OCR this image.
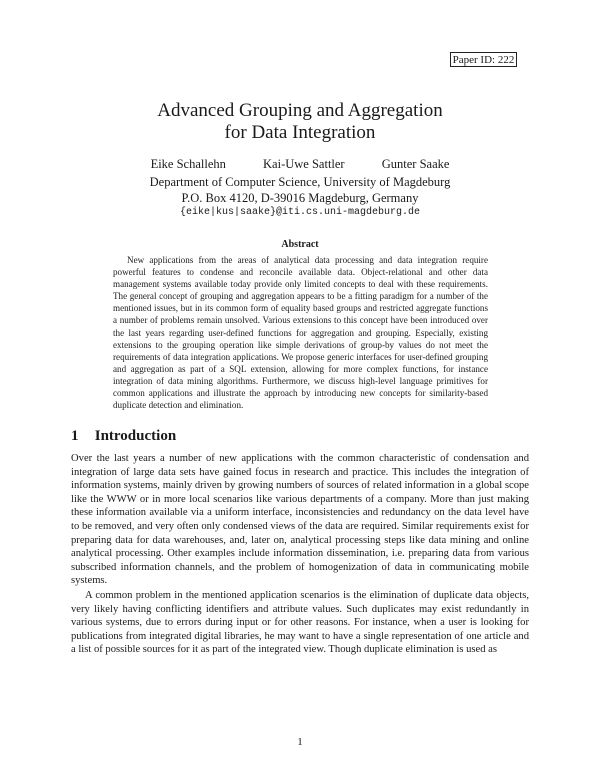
Paper ID: 222
Advanced Grouping and Aggregation
for Data Integration
Eike Schallehn	Kai-Uwe Sattler	Gunter Saake
Department of Computer Science, University of Magdeburg
P.O. Box 4120, D-39016 Magdeburg, Germany
{eike|kus|saake}@iti.cs.uni-magdeburg.de
Abstract

New applications from the areas of analytical data processing and data integration require powerful features to condense and reconcile available data. Object-relational and other data management systems available today provide only limited concepts to deal with these requirements. The general concept of grouping and aggregation appears to be a fitting paradigm for a number of the mentioned issues, but in its common form of equality based groups and restricted aggregate functions a number of problems remain unsolved. Various extensions to this concept have been introduced over the last years regarding user-defined functions for aggregation and grouping. Especially, existing extensions to the grouping operation like simple derivations of group-by values do not meet the requirements of data integration applications. We propose generic interfaces for user-defined grouping and aggregation as part of a SQL extension, allowing for more complex functions, for instance integration of data mining algorithms. Furthermore, we discuss high-level language primitives for common applications and illustrate the approach by introducing new concepts for similarity-based duplicate detection and elimination.

1 Introduction

Over the last years a number of new applications with the common characteristic of condensation and integration of large data sets have gained focus in research and practice. This includes the integration of information systems, mainly driven by growing numbers of sources of related information in a global scope like the WWW or in more local scenarios like various departments of a company. More than just making these information available via a uniform interface, inconsistencies and redundancy on the data level have to be removed, and very often only condensed views of the data are required. Similar requirements exist for preparing data for data warehouses, and, later on, analytical processing steps like data mining and online analytical processing. Other examples include information dissemination, i.e. preparing data from various subscribed information channels, and the problem of homogenization of data in communicating mobile systems.

A common problem in the mentioned application scenarios is the elimination of duplicate data objects, very likely having conflicting identifiers and attribute values. Such duplicates may exist redundantly in various systems, due to errors during input or for other reasons. For instance, when a user is looking for publications from integrated digital libraries, he may want to have a single representation of one article and a list of possible sources for it as part of the integrated view. Though duplicate elimination is used as

1
